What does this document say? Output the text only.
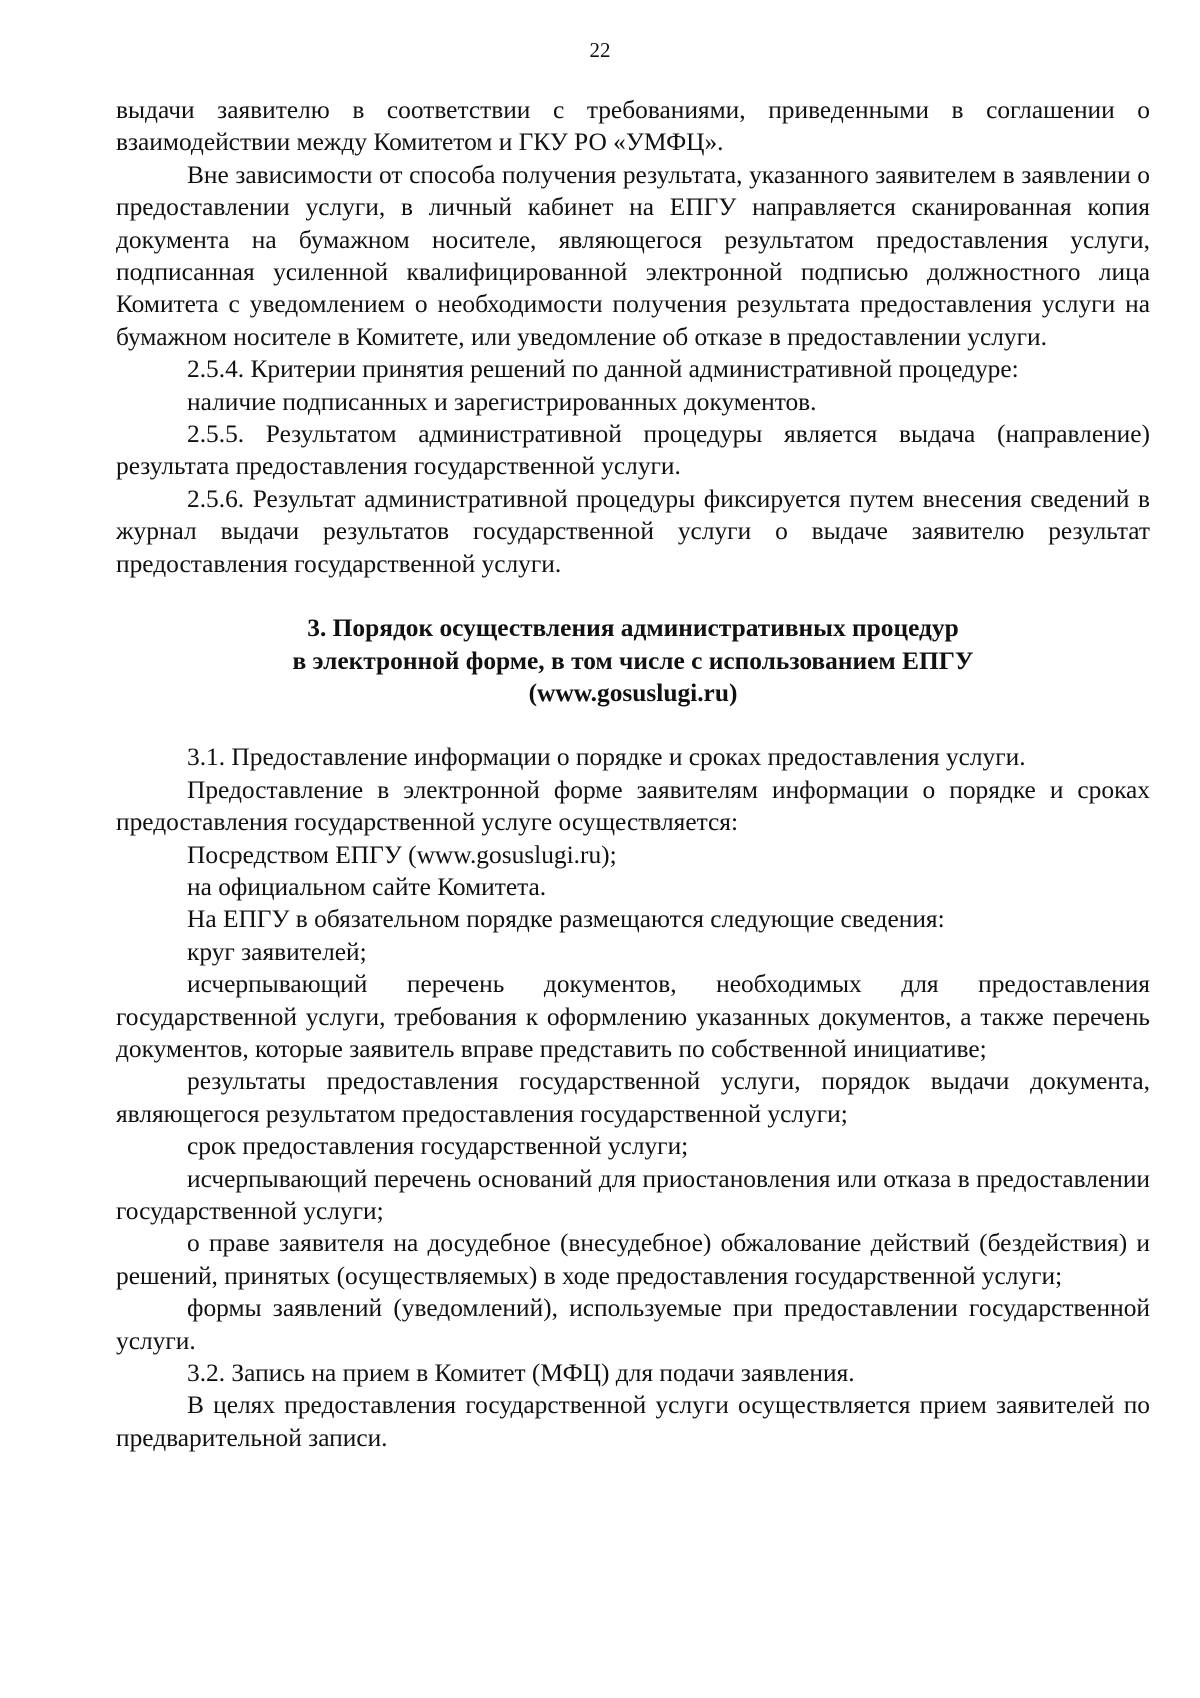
22

выдачи заявителю в соответствии с требованиями, приведенными в соглашении о взаимодействии между Комитетом и ГКУ РО «УМФЦ».

Вне зависимости от способа получения результата, указанного заявителем в заявлении о предоставлении услуги, в личный кабинет на ЕПГУ направляется сканированная копия документа на бумажном носителе, являющегося результатом предоставления услуги, подписанная усиленной квалифицированной электронной подписью должностного лица Комитета с уведомлением о необходимости получения результата предоставления услуги на бумажном носителе в Комитете, или уведомление об отказе в предоставлении услуги.

2.5.4. Критерии принятия решений по данной административной процедуре:

наличие подписанных и зарегистрированных документов.

2.5.5. Результатом административной процедуры является выдача (направление) результата предоставления государственной услуги.

2.5.6. Результат административной процедуры фиксируется путем внесения сведений в журнал выдачи результатов государственной услуги о выдаче заявителю результат предоставления государственной услуги.

3. Порядок осуществления административных процедур

в электронной форме, в том числе с использованием ЕПГУ

(www.gosuslugi.ru)

3.1. Предоставление информации о порядке и сроках предоставления услуги.

Предоставление в электронной форме заявителям информации о порядке и сроках предоставления государственной услуге осуществляется:

Посредством ЕПГУ (www.gosuslugi.ru);

на официальном сайте Комитета.

На ЕПГУ в обязательном порядке размещаются следующие сведения:

круг заявителей;

исчерпывающий перечень документов, необходимых для предоставления государственной услуги, требования к оформлению указанных документов, а также перечень документов, которые заявитель вправе представить по собственной инициативе;

результаты предоставления государственной услуги, порядок выдачи документа, являющегося результатом предоставления государственной услуги;

срок предоставления государственной услуги;

исчерпывающий перечень оснований для приостановления или отказа в предоставлении государственной услуги;

о праве заявителя на досудебное (внесудебное) обжалование действий (бездействия) и решений, принятых (осуществляемых) в ходе предоставления государственной услуги;

формы заявлений (уведомлений), используемые при предоставлении государственной услуги.

3.2. Запись на прием в Комитет (МФЦ) для подачи заявления.

В целях предоставления государственной услуги осуществляется прием заявителей по предварительной записи.
